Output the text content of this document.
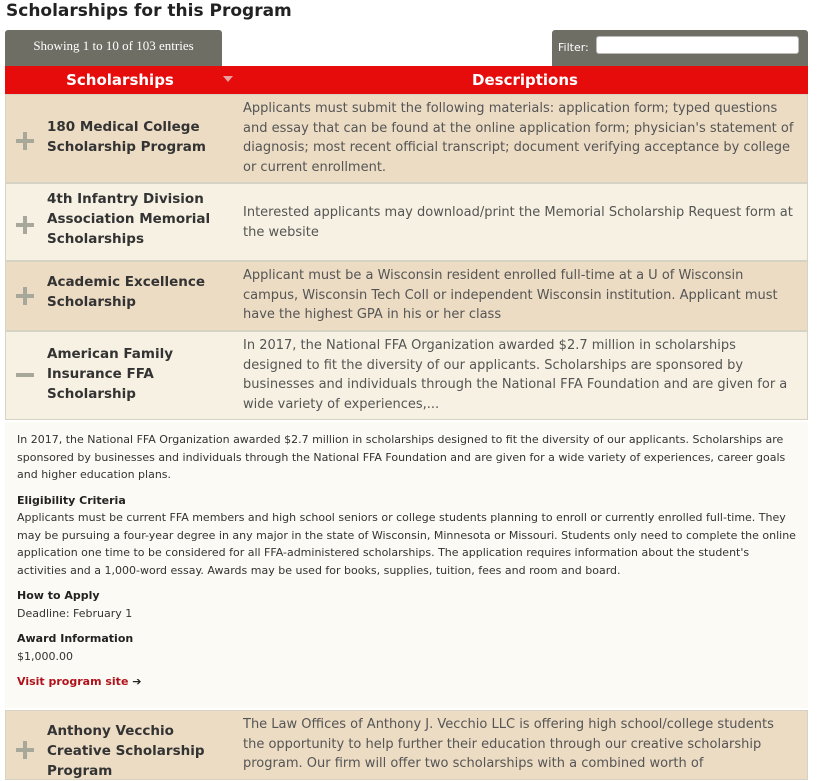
Scholarships for this Program
Showing 1 to 10 of 103 entries	Filter:
Scholarships	Descriptions
180 Medical College Scholarship Program
Applicants must submit the following materials: application form; typed questions and essay that can be found at the online application form; physician's statement of diagnosis; most recent official transcript; document verifying acceptance by college or current enrollment.
4th Infantry Division Association Memorial Scholarships
Interested applicants may download/print the Memorial Scholarship Request form at the website
Academic Excellence Scholarship
Applicant must be a Wisconsin resident enrolled full-time at a U of Wisconsin campus, Wisconsin Tech Coll or independent Wisconsin institution. Applicant must have the highest GPA in his or her class
American Family Insurance FFA Scholarship
In 2017, the National FFA Organization awarded $2.7 million in scholarships designed to fit the diversity of our applicants. Scholarships are sponsored by businesses and individuals through the National FFA Foundation and are given for a wide variety of experiences,...

In 2017, the National FFA Organization awarded $2.7 million in scholarships designed to fit the diversity of our applicants. Scholarships are sponsored by businesses and individuals through the National FFA Foundation and are given for a wide variety of experiences, career goals and higher education plans.

Eligibility Criteria

Applicants must be current FFA members and high school seniors or college students planning to enroll or currently enrolled full-time. They may be pursuing a four-year degree in any major in the state of Wisconsin, Minnesota or Missouri. Students only need to complete the online application one time to be considered for all FFA-administered scholarships. The application requires information about the student's activities and a 1,000-word essay. Awards may be used for books, supplies, tuition, fees and room and board.

How to Apply

Deadline: February 1

Award Information

$1,000.00

Visit program site ➔

Anthony Vecchio Creative Scholarship Program
The Law Offices of Anthony J. Vecchio LLC is offering high school/college students the opportunity to help further their education through our creative scholarship program. Our firm will offer two scholarships with a combined worth of
